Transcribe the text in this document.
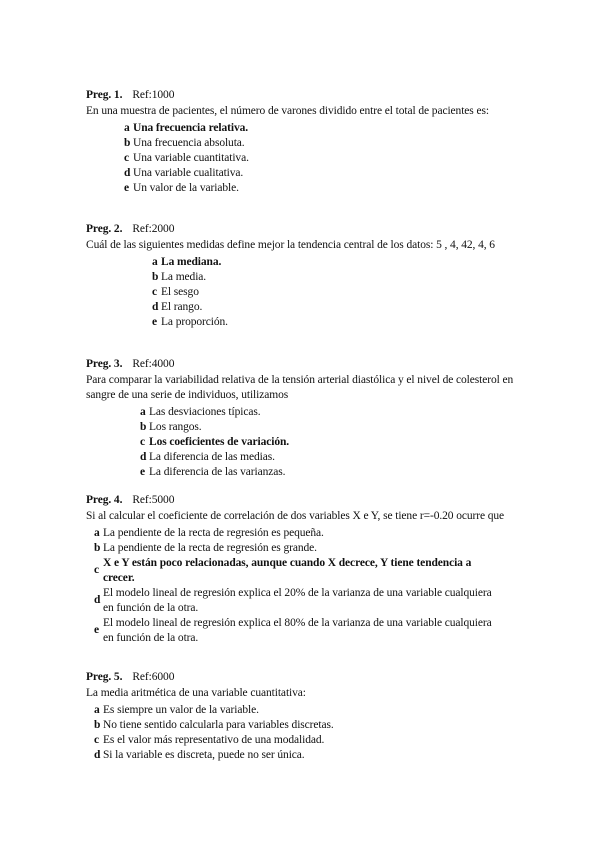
Preg. 1. Ref:1000

En una muestra de pacientes, el número de varones dividido entre el total de pacientes es:

a Una frecuencia relativa.
b Una frecuencia absoluta.
c Una variable cuantitativa.
d Una variable cualitativa.
e Un valor de la variable.
Preg. 2. Ref:2000

Cuál de las siguientes medidas define mejor la tendencia central de los datos: 5 , 4, 42, 4, 6

a La mediana.
b La media.
c El sesgo
d El rango.
e La proporción.
Preg. 3. Ref:4000

Para comparar la variabilidad relativa de la tensión arterial diastólica y el nivel de colesterol en sangre de una serie de individuos, utilizamos

a Las desviaciones típicas.
b Los rangos.
c Los coeficientes de variación.
d La diferencia de las medias.
e La diferencia de las varianzas.
Preg. 4. Ref:5000

Si al calcular el coeficiente de correlación de dos variables X e Y, se tiene r=-0.20 ocurre que

a La pendiente de la recta de regresión es pequeña.
b La pendiente de la recta de regresión es grande.
c
X e Y están poco relacionadas, aunque cuando X decrece, Y tiene tendencia a crecer.
d
El modelo lineal de regresión explica el 20% de la varianza de una variable cualquiera en función de la otra.
e
El modelo lineal de regresión explica el 80% de la varianza de una variable cualquiera en función de la otra.
Preg. 5. Ref:6000

La media aritmética de una variable cuantitativa:

a Es siempre un valor de la variable.
b No tiene sentido calcularla para variables discretas.
c Es el valor más representativo de una modalidad.
d Si la variable es discreta, puede no ser única.
